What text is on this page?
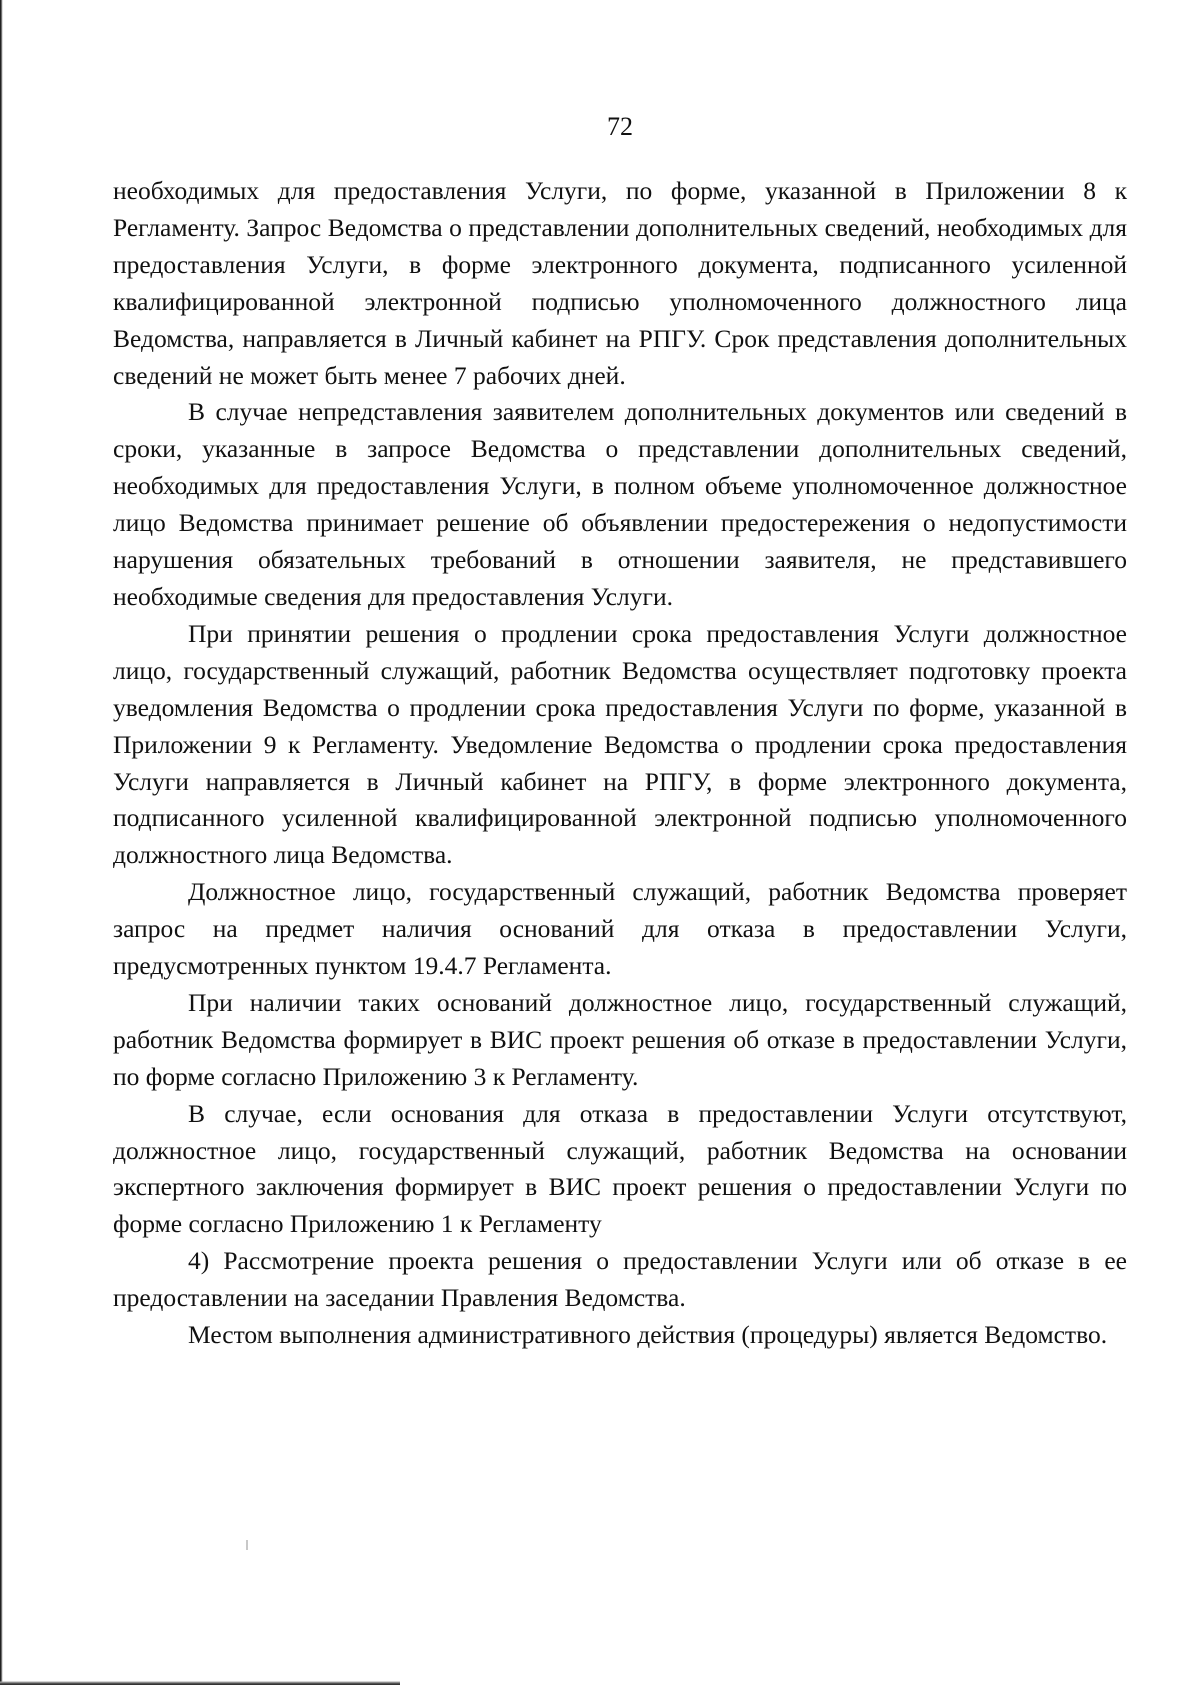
72

необходимых для предоставления Услуги, по форме, указанной в Приложении 8 к Регламенту. Запрос Ведомства о представлении дополнительных сведений, необходимых для предоставления Услуги, в форме электронного документа, подписанного усиленной квалифицированной электронной подписью уполномоченного должностного лица Ведомства, направляется в Личный кабинет на РПГУ. Срок представления дополнительных сведений не может быть менее 7 рабочих дней.

В случае непредставления заявителем дополнительных документов или сведений в сроки, указанные в запросе Ведомства о представлении дополнительных сведений, необходимых для предоставления Услуги, в полном объеме уполномоченное должностное лицо Ведомства принимает решение об объявлении предостережения о недопустимости нарушения обязательных требований в отношении заявителя, не представившего необходимые сведения для предоставления Услуги.

При принятии решения о продлении срока предоставления Услуги должностное лицо, государственный служащий, работник Ведомства осуществляет подготовку проекта уведомления Ведомства о продлении срока предоставления Услуги по форме, указанной в Приложении 9 к Регламенту. Уведомление Ведомства о продлении срока предоставления Услуги направляется в Личный кабинет на РПГУ, в форме электронного документа, подписанного усиленной квалифицированной электронной подписью уполномоченного должностного лица Ведомства.

Должностное лицо, государственный служащий, работник Ведомства проверяет запрос на предмет наличия оснований для отказа в предоставлении Услуги, предусмотренных пунктом 19.4.7 Регламента.

При наличии таких оснований должностное лицо, государственный служащий, работник Ведомства формирует в ВИС проект решения об отказе в предоставлении Услуги, по форме согласно Приложению 3 к Регламенту.

В случае, если основания для отказа в предоставлении Услуги отсутствуют, должностное лицо, государственный служащий, работник Ведомства на основании экспертного заключения формирует в ВИС проект решения о предоставлении Услуги по форме согласно Приложению 1 к Регламенту

4) Рассмотрение проекта решения о предоставлении Услуги или об отказе в ее предоставлении на заседании Правления Ведомства.

Местом выполнения административного действия (процедуры) является Ведомство.
